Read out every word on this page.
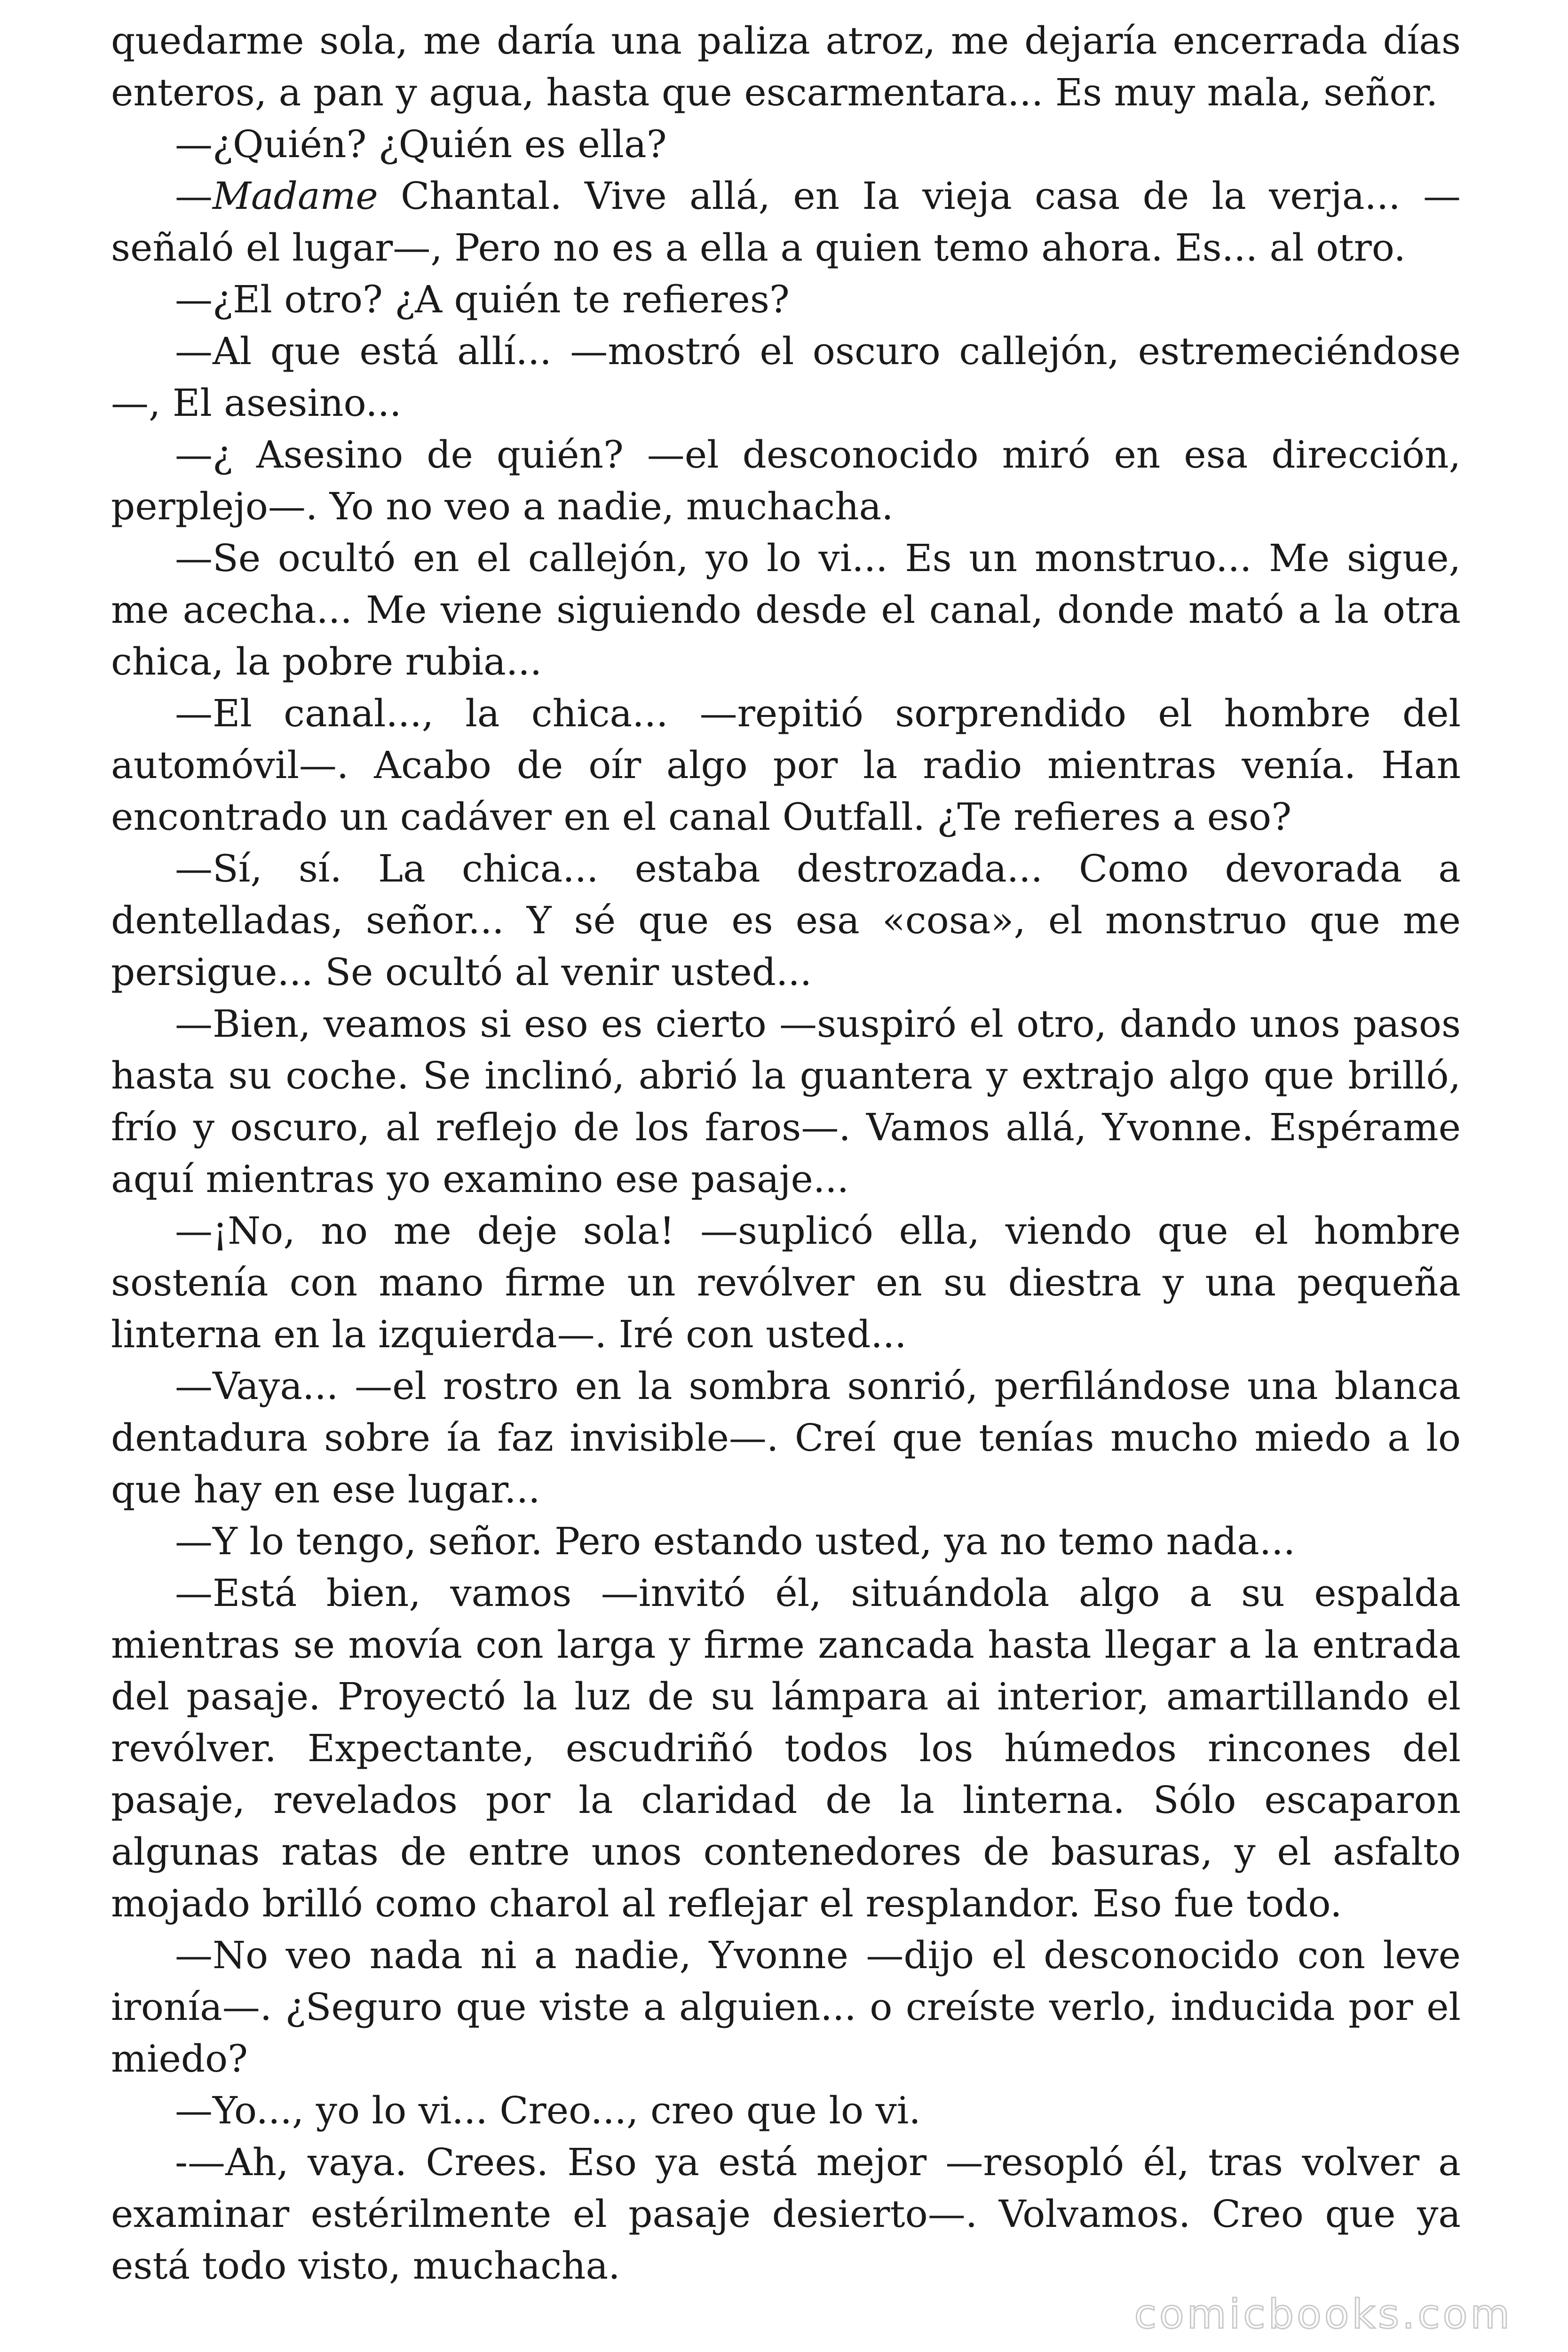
quedarme sola, me daría una paliza atroz, me dejaría encerrada días enteros, a pan y agua, hasta que escarmentara... Es muy mala, señor.

—¿Quién? ¿Quién es ella?

—Madame Chantal. Vive allá, en Ia vieja casa de la verja... —señaló el lugar—, Pero no es a ella a quien temo ahora. Es... al otro.

—¿El otro? ¿A quién te refieres?

—Al que está allí... —mostró el oscuro callejón, estremeciéndose —, El asesino...

—¿ Asesino de quién? —el desconocido miró en esa dirección, perplejo—. Yo no veo a nadie, muchacha.

—Se ocultó en el callejón, yo lo vi... Es un monstruo... Me sigue, me acecha... Me viene siguiendo desde el canal, donde mató a la otra chica, la pobre rubia...

—El canal..., la chica... —repitió sorprendido el hombre del automóvil—. Acabo de oír algo por la radio mientras venía. Han encontrado un cadáver en el canal Outfall. ¿Te refieres a eso?

—Sí, sí. La chica... estaba destrozada... Como devorada a dentelladas, señor... Y sé que es esa «cosa», el monstruo que me persigue... Se ocultó al venir usted...

—Bien, veamos si eso es cierto —suspiró el otro, dando unos pasos hasta su coche. Se inclinó, abrió la guantera y extrajo algo que brilló, frío y oscuro, al reflejo de los faros—. Vamos allá, Yvonne. Espérame aquí mientras yo examino ese pasaje...

—¡No, no me deje sola! —suplicó ella, viendo que el hombre sostenía con mano firme un revólver en su diestra y una pequeña linterna en la izquierda—. Iré con usted...

—Vaya... —el rostro en la sombra sonrió, perfilándose una blanca dentadura sobre ía faz invisible—. Creí que tenías mucho miedo a lo que hay en ese lugar...

—Y lo tengo, señor. Pero estando usted, ya no temo nada...

—Está bien, vamos —invitó él, situándola algo a su espalda mientras se movía con larga y firme zancada hasta llegar a la entrada del pasaje. Proyectó la luz de su lámpara ai interior, amartillando el revólver. Expectante, escudriñó todos los húmedos rincones del pasaje, revelados por la claridad de la linterna. Sólo escaparon algunas ratas de entre unos contenedores de basuras, y el asfalto mojado brilló como charol al reflejar el resplandor. Eso fue todo.

—No veo nada ni a nadie, Yvonne —dijo el desconocido con leve ironía—. ¿Seguro que viste a alguien... o creíste verlo, inducida por el miedo?

—Yo..., yo lo vi... Creo..., creo que lo vi.

-—Ah, vaya. Crees. Eso ya está mejor —resopló él, tras volver a examinar estérilmente el pasaje desierto—. Volvamos. Creo que ya está todo visto, muchacha.

comicbooks.com
